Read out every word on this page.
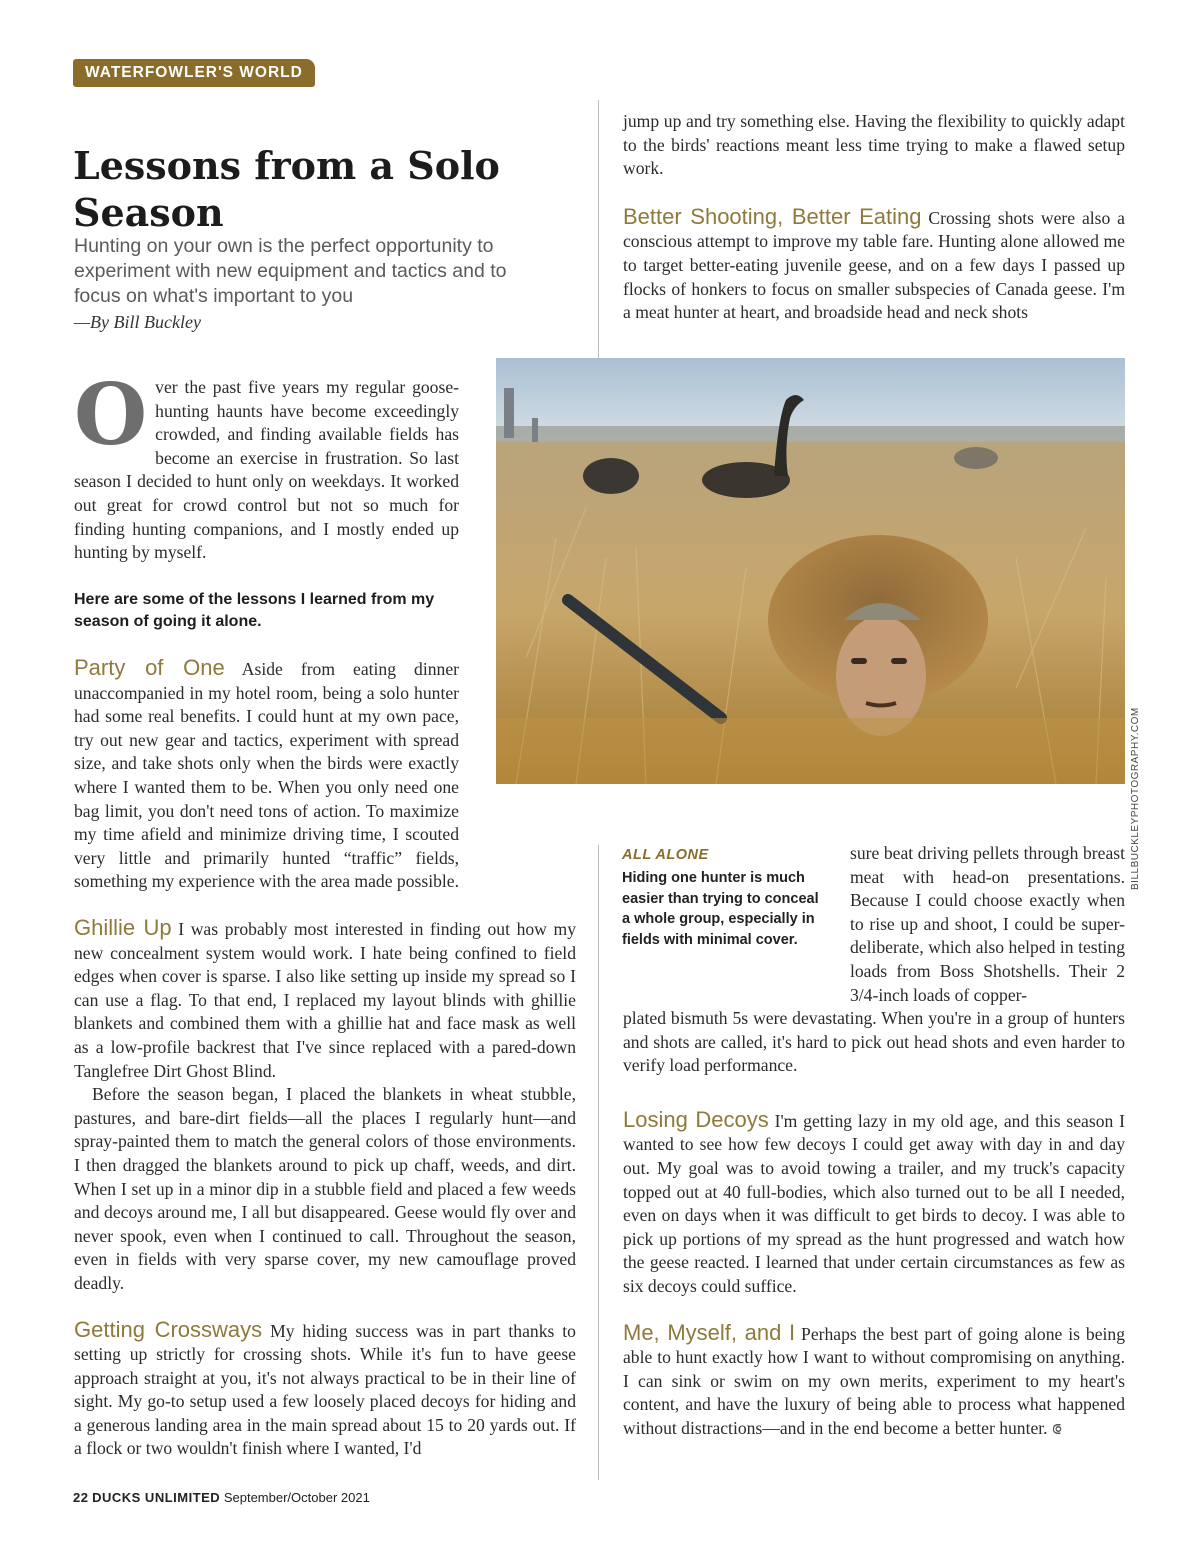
WATERFOWLER'S WORLD
Lessons from a Solo Season

Hunting on your own is the perfect opportunity to experiment with new equipment and tactics and to focus on what's important to you

—By Bill Buckley

Over the past five years my regular goose-hunting haunts have become exceedingly crowded, and finding available fields has become an exercise in frustration. So last season I decided to hunt only on weekdays. It worked out great for crowd control but not so much for finding hunting companions, and I mostly ended up hunting by myself.

Here are some of the lessons I learned from my season of going it alone.

Party of One Aside from eating dinner unaccompanied in my hotel room, being a solo hunter had some real benefits. I could hunt at my own pace, try out new gear and tactics, experiment with spread size, and take shots only when the birds were exactly where I wanted them to be. When you only need one bag limit, you don't need tons of action. To maximize my time afield and minimize driving time, I scouted very little and primarily hunted “traffic” fields, something my experience with the area made possible.

Ghillie Up I was probably most interested in finding out how my new concealment system would work. I hate being confined to field edges when cover is sparse. I also like setting up inside my spread so I can use a flag. To that end, I replaced my layout blinds with ghillie blankets and combined them with a ghillie hat and face mask as well as a low-profile backrest that I've since replaced with a pared-down Tanglefree Dirt Ghost Blind.

Before the season began, I placed the blankets in wheat stubble, pastures, and bare-dirt fields—all the places I regularly hunt—and spray-painted them to match the general colors of those environments. I then dragged the blankets around to pick up chaff, weeds, and dirt. When I set up in a minor dip in a stubble field and placed a few weeds and decoys around me, I all but disappeared. Geese would fly over and never spook, even when I continued to call. Throughout the season, even in fields with very sparse cover, my new camouflage proved deadly.

Getting Crossways My hiding success was in part thanks to setting up strictly for crossing shots. While it's fun to have geese approach straight at you, it's not always practical to be in their line of sight. My go-to setup used a few loosely placed decoys for hiding and a generous landing area in the main spread about 15 to 20 yards out. If a flock or two wouldn't finish where I wanted, I'd

jump up and try something else. Having the flexibility to quickly adapt to the birds' reactions meant less time trying to make a flawed setup work.

Better Shooting, Better Eating Crossing shots were also a conscious attempt to improve my table fare. Hunting alone allowed me to target better-eating juvenile geese, and on a few days I passed up flocks of honkers to focus on smaller subspecies of Canada geese. I'm a meat hunter at heart, and broadside head and neck shots

BILLBUCKLEYPHOTOGRAPHY.COM
ALL ALONE

Hiding one hunter is much easier than trying to conceal a whole group, especially in fields with minimal cover.

sure beat driving pellets through breast meat with head-on presentations. Because I could choose exactly when to rise up and shoot, I could be super-deliberate, which also helped in testing loads from Boss Shotshells. Their 2 3/4-inch loads of copper-

plated bismuth 5s were devastating. When you're in a group of hunters and shots are called, it's hard to pick out head shots and even harder to verify load performance.

Losing Decoys I'm getting lazy in my old age, and this season I wanted to see how few decoys I could get away with day in and day out. My goal was to avoid towing a trailer, and my truck's capacity topped out at 40 full-bodies, which also turned out to be all I needed, even on days when it was difficult to get birds to decoy. I was able to pick up portions of my spread as the hunt progressed and watch how the geese reacted. I learned that under certain circumstances as few as six decoys could suffice.

Me, Myself, and I Perhaps the best part of going alone is being able to hunt exactly how I want to without compromising on anything. I can sink or swim on my own merits, experiment to my heart's content, and have the luxury of being able to process what happened without distractions—and in the end become a better hunter. ⟃

22 DUCKS UNLIMITED September/October 2021
